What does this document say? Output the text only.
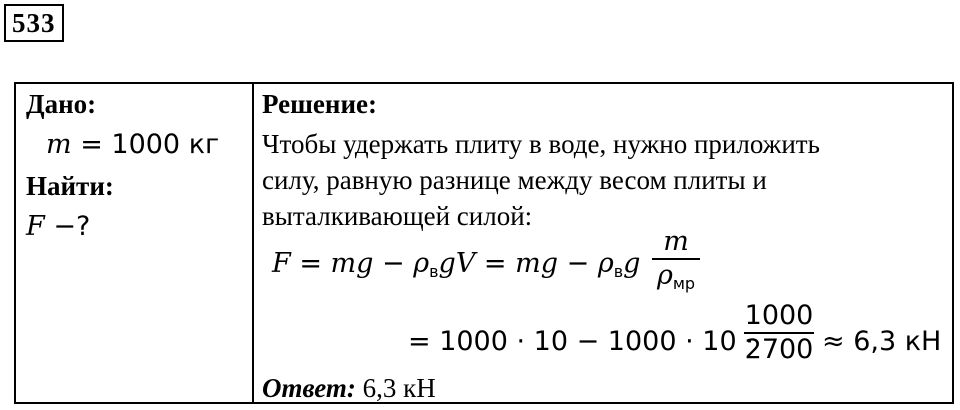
533
Дано:
m = 1000 кг
Найти:
F −?
Решение:
Чтобы удержать плиту в воде, нужно приложить
силу, равную разнице между весом плиты и
выталкивающей силой:
F = mg − $\rho_вgV$ = mg − $\rho_вg$
m
$\rho_{мр}$
= 1000 · 10 − 1000 · 10 ·
1000
2700 ≈ 6,3 кН
Ответ: 6,3 кН
